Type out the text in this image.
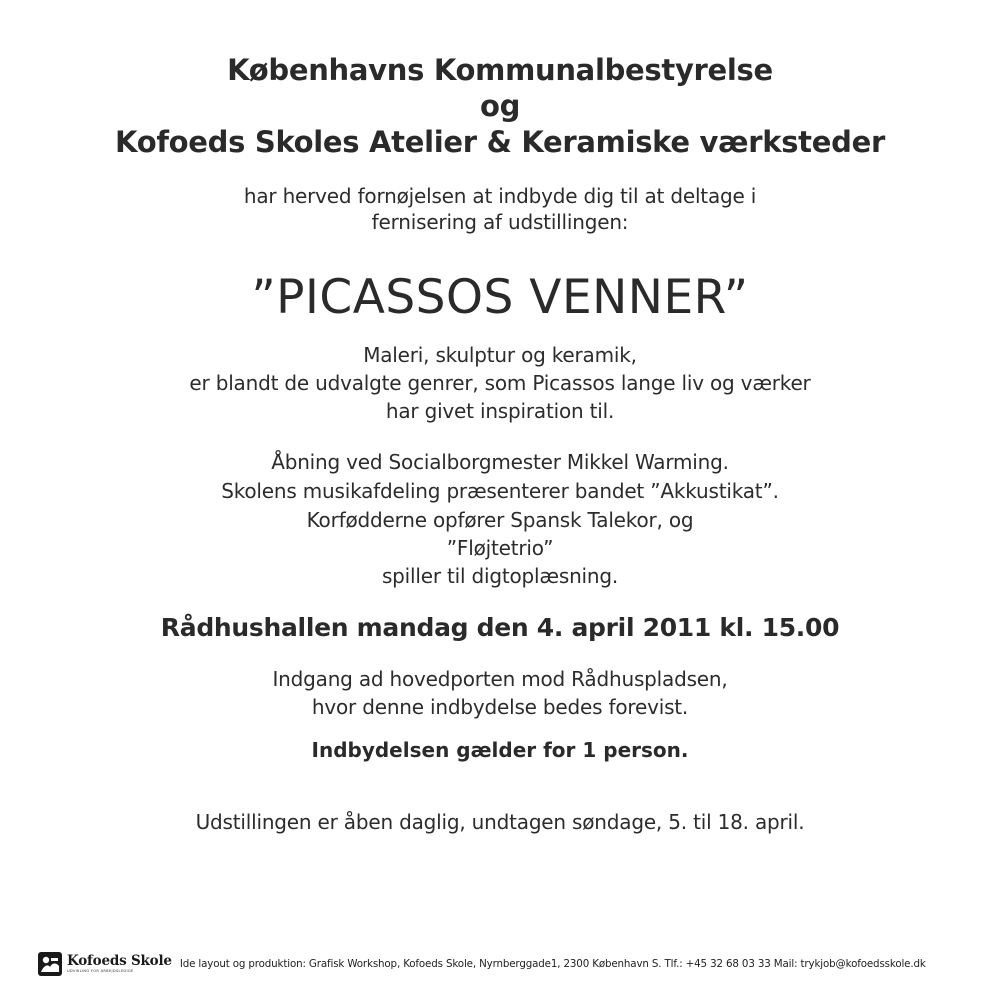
Københavns Kommunalbestyrelse
og
Kofoeds Skoles Atelier & Keramiske værksteder
har herved fornøjelsen at indbyde dig til at deltage i
fernisering af udstillingen:
”PICASSOS VENNER”
Maleri, skulptur og keramik,
er blandt de udvalgte genrer, som Picassos lange liv og værker
har givet inspiration til.
Åbning ved Socialborgmester Mikkel Warming.
Skolens musikafdeling præsenterer bandet ”Akkustikat”.
Korfødderne opfører Spansk Talekor, og
”Fløjtetrio”
spiller til digtoplæsning.
Rådhushallen mandag den 4. april 2011 kl. 15.00
Indgang ad hovedporten mod Rådhuspladsen,
hvor denne indbydelse bedes forevist.
Indbydelsen gælder for 1 person.
Udstillingen er åben daglig, undtagen søndage, 5. til 18. april.
Kofoeds Skole
UDVIKLING FOR ARBEJDSLEDIGE
Ide layout og produktion: Grafisk Workshop, Kofoeds Skole, Nyrnberggade1, 2300 København S. Tlf.: +45 32 68 03 33 Mail: trykjob@kofoedsskole.dk
